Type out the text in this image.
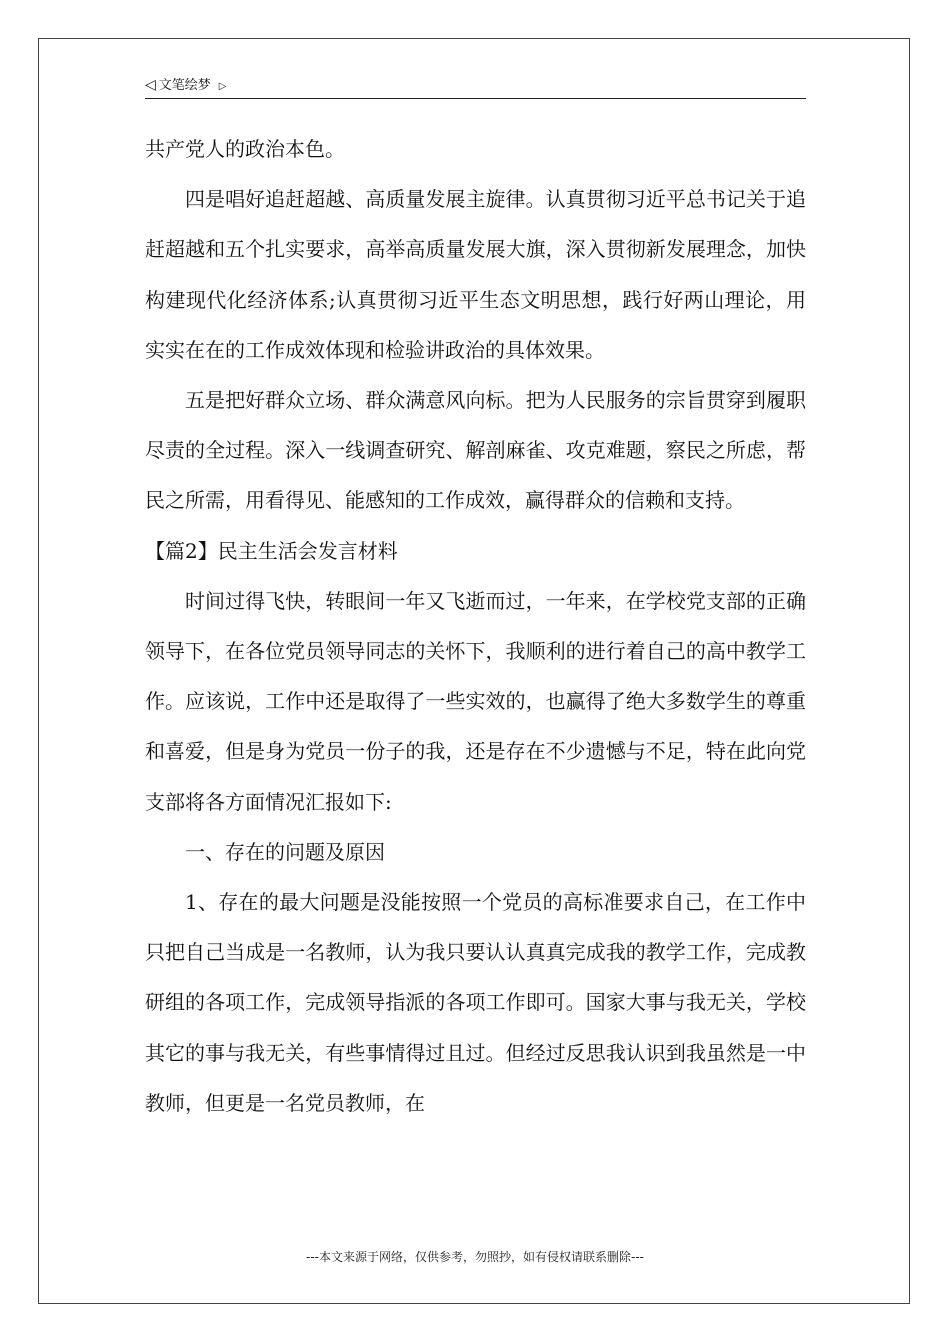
◁ 文笔绘梦 ▷

共产党人的政治本色。

四是唱好追赶超越、高质量发展主旋律。认真贯彻习近平总书记关于追赶超越和五个扎实要求，高举高质量发展大旗，深入贯彻新发展理念，加快构建现代化经济体系;认真贯彻习近平生态文明思想，践行好两山理论，用实实在在的工作成效体现和检验讲政治的具体效果。

五是把好群众立场、群众满意风向标。把为人民服务的宗旨贯穿到履职尽责的全过程。深入一线调查研究、解剖麻雀、攻克难题，察民之所虑，帮民之所需，用看得见、能感知的工作成效，赢得群众的信赖和支持。

【篇2】民主生活会发言材料

时间过得飞快，转眼间一年又飞逝而过，一年来，在学校党支部的正确领导下，在各位党员领导同志的关怀下，我顺利的进行着自己的高中教学工作。应该说，工作中还是取得了一些实效的，也赢得了绝大多数学生的尊重和喜爱，但是身为党员一份子的我，还是存在不少遗憾与不足，特在此向党支部将各方面情况汇报如下:

一、存在的问题及原因

1、存在的最大问题是没能按照一个党员的高标准要求自己，在工作中只把自己当成是一名教师，认为我只要认认真真完成我的教学工作，完成教研组的各项工作，完成领导指派的各项工作即可。国家大事与我无关，学校其它的事与我无关，有些事情得过且过。但经过反思我认识到我虽然是一中教师，但更是一名党员教师，在

---本文来源于网络，仅供参考，勿照抄，如有侵权请联系删除---
